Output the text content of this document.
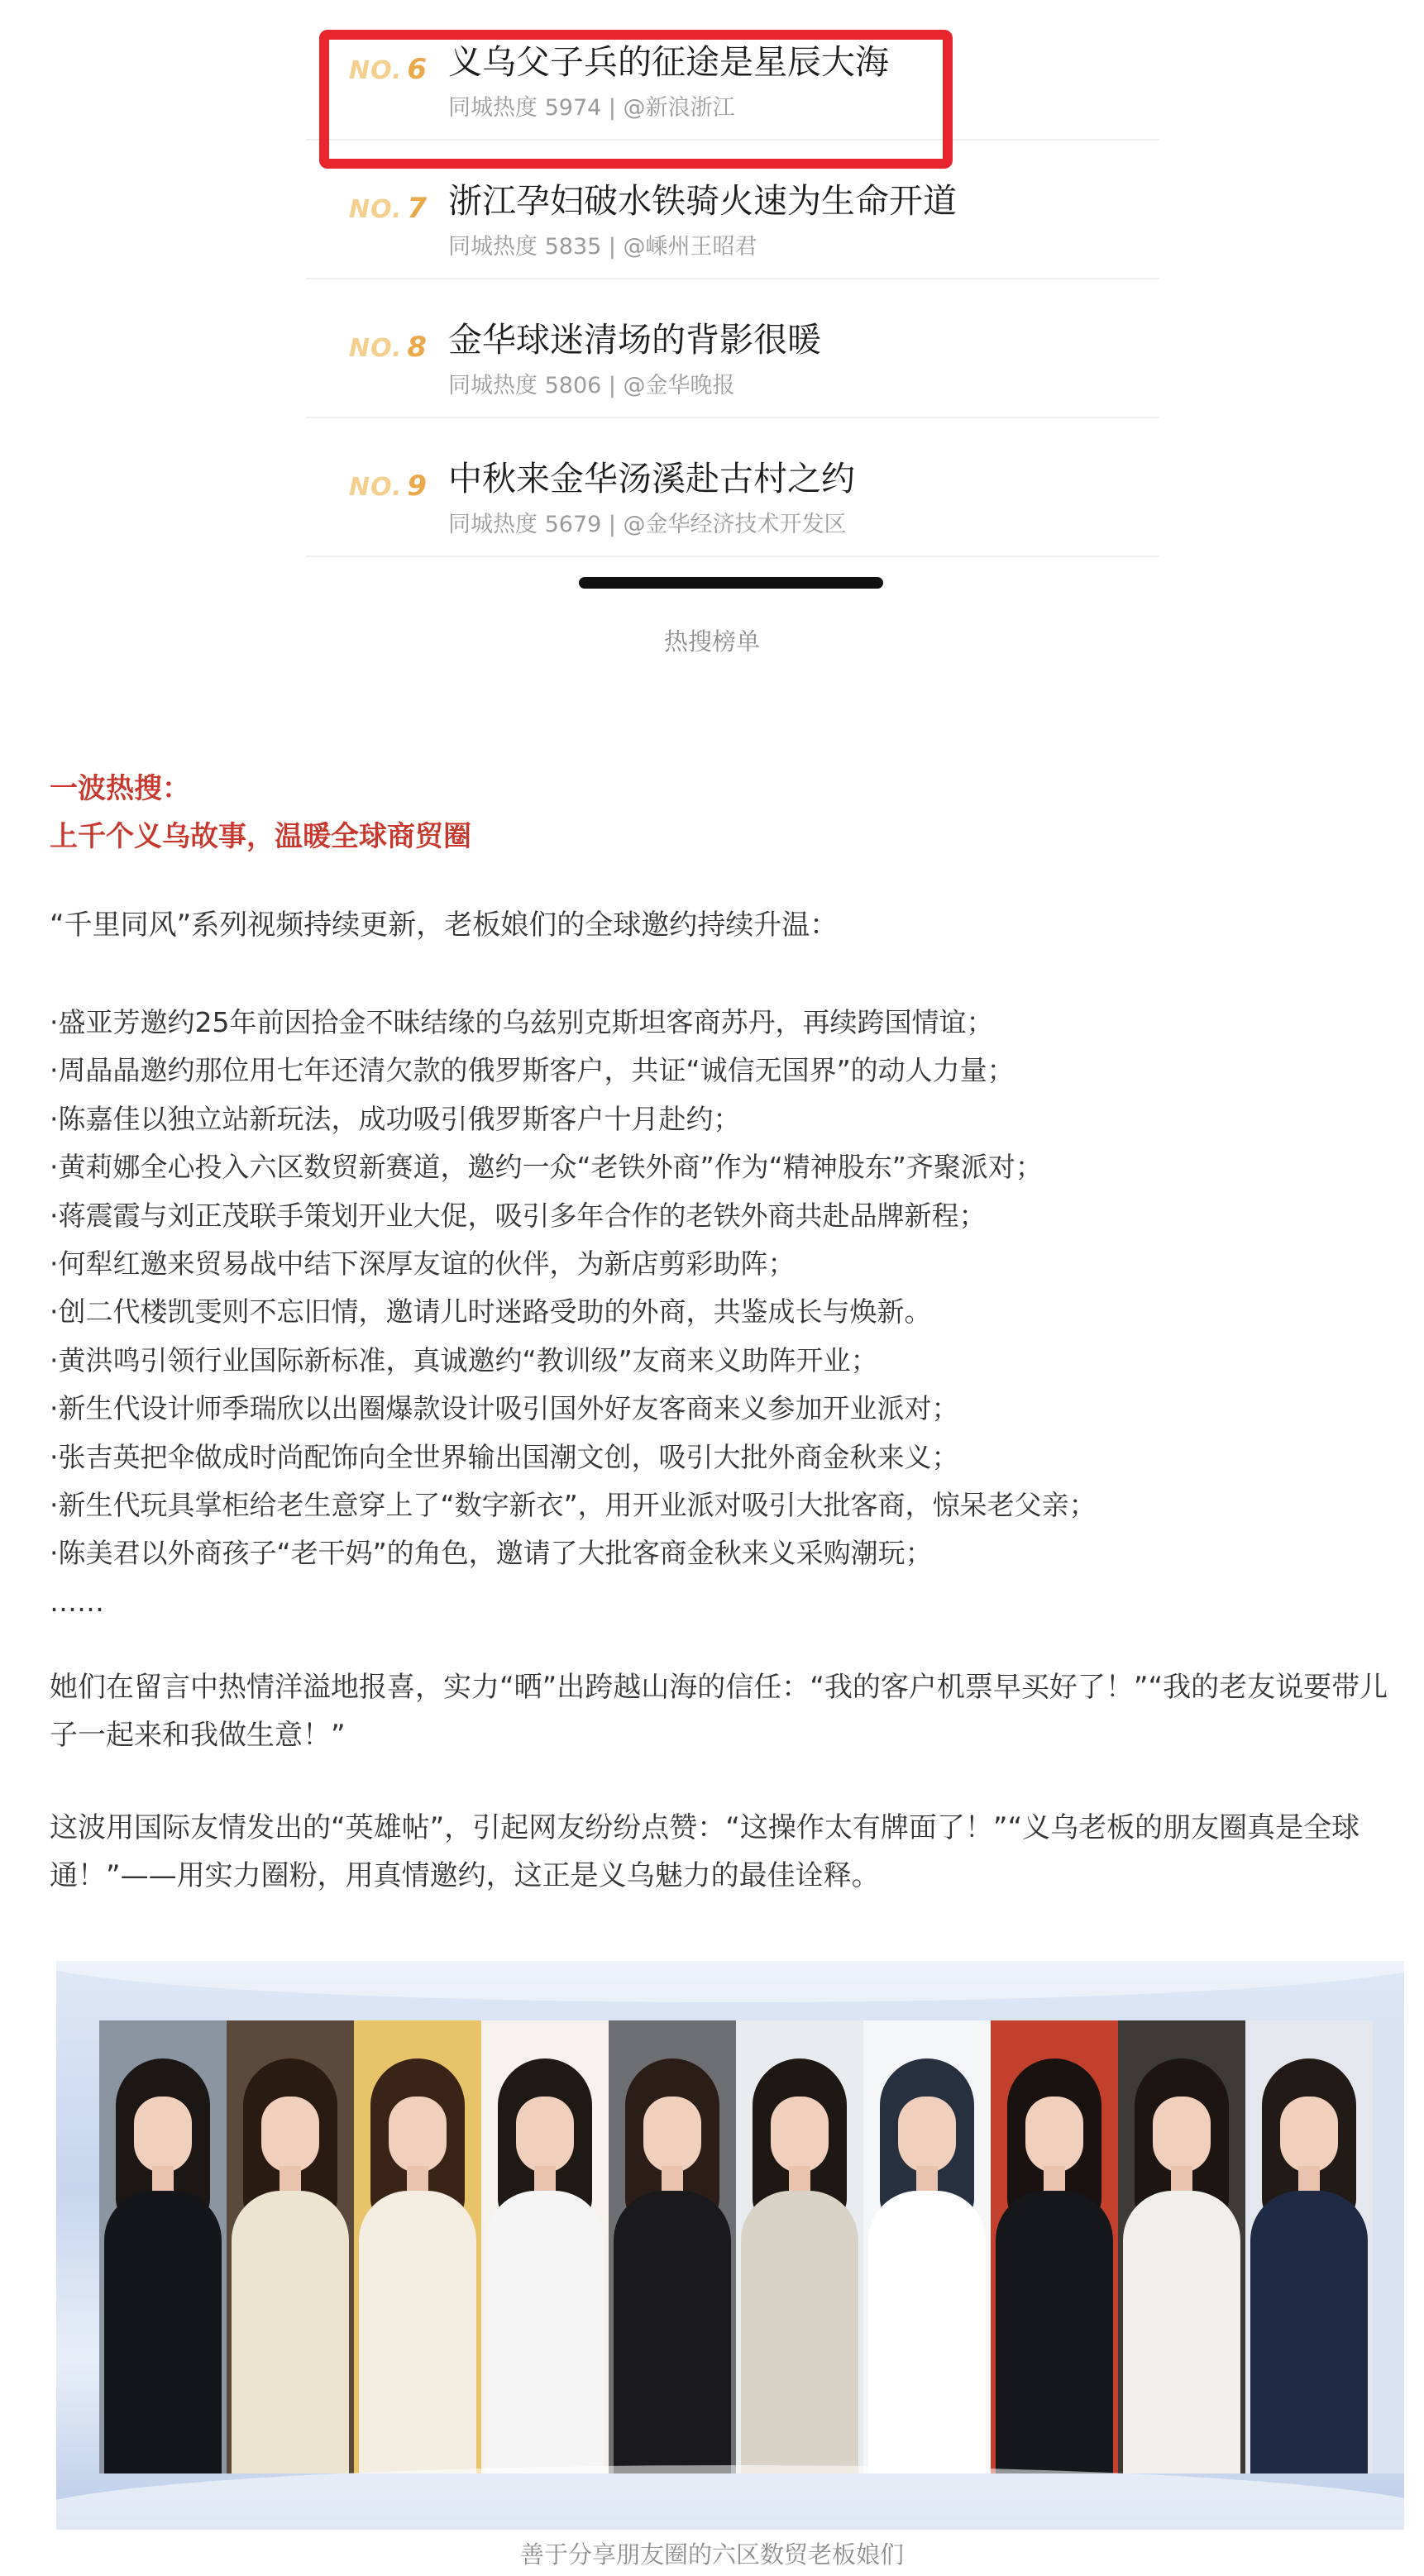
NO. 6 义乌父子兵的征途是星辰大海
同城热度 5974 | @新浪浙江
NO. 7 浙江孕妇破水铁骑火速为生命开道
同城热度 5835 | @嵊州王昭君
NO. 8 金华球迷清场的背影很暖
同城热度 5806 | @金华晚报
NO. 9 中秋来金华汤溪赴古村之约
同城热度 5679 | @金华经济技术开发区
热搜榜单
一波热搜：
上千个义乌故事，温暖全球商贸圈
“千里同风”系列视频持续更新，老板娘们的全球邀约持续升温：
·盛亚芳邀约25年前因拾金不昧结缘的乌兹别克斯坦客商苏丹，再续跨国情谊；
·周晶晶邀约那位用七年还清欠款的俄罗斯客户，共证“诚信无国界”的动人力量；
·陈嘉佳以独立站新玩法，成功吸引俄罗斯客户十月赴约；
·黄莉娜全心投入六区数贸新赛道，邀约一众“老铁外商”作为“精神股东”齐聚派对；
·蒋震霞与刘正茂联手策划开业大促，吸引多年合作的老铁外商共赴品牌新程；
·何犁红邀来贸易战中结下深厚友谊的伙伴，为新店剪彩助阵；
·创二代楼凯雯则不忘旧情，邀请儿时迷路受助的外商，共鉴成长与焕新。
·黄洪鸣引领行业国际新标准，真诚邀约“教训级”友商来义助阵开业；
·新生代设计师季瑞欣以出圈爆款设计吸引国外好友客商来义参加开业派对；
·张吉英把伞做成时尚配饰向全世界输出国潮文创，吸引大批外商金秋来义；
·新生代玩具掌柜给老生意穿上了“数字新衣”，用开业派对吸引大批客商，惊呆老父亲；
·陈美君以外商孩子“老干妈”的角色，邀请了大批客商金秋来义采购潮玩；
……
她们在留言中热情洋溢地报喜，实力“晒”出跨越山海的信任：“我的客户机票早买好了！”“我的老友说要带儿子一起来和我做生意！”
这波用国际友情发出的“英雄帖”，引起网友纷纷点赞：“这操作太有牌面了！”“义乌老板的朋友圈真是全球通！”——用实力圈粉，用真情邀约，这正是义乌魅力的最佳诠释。
善于分享朋友圈的六区数贸老板娘们
